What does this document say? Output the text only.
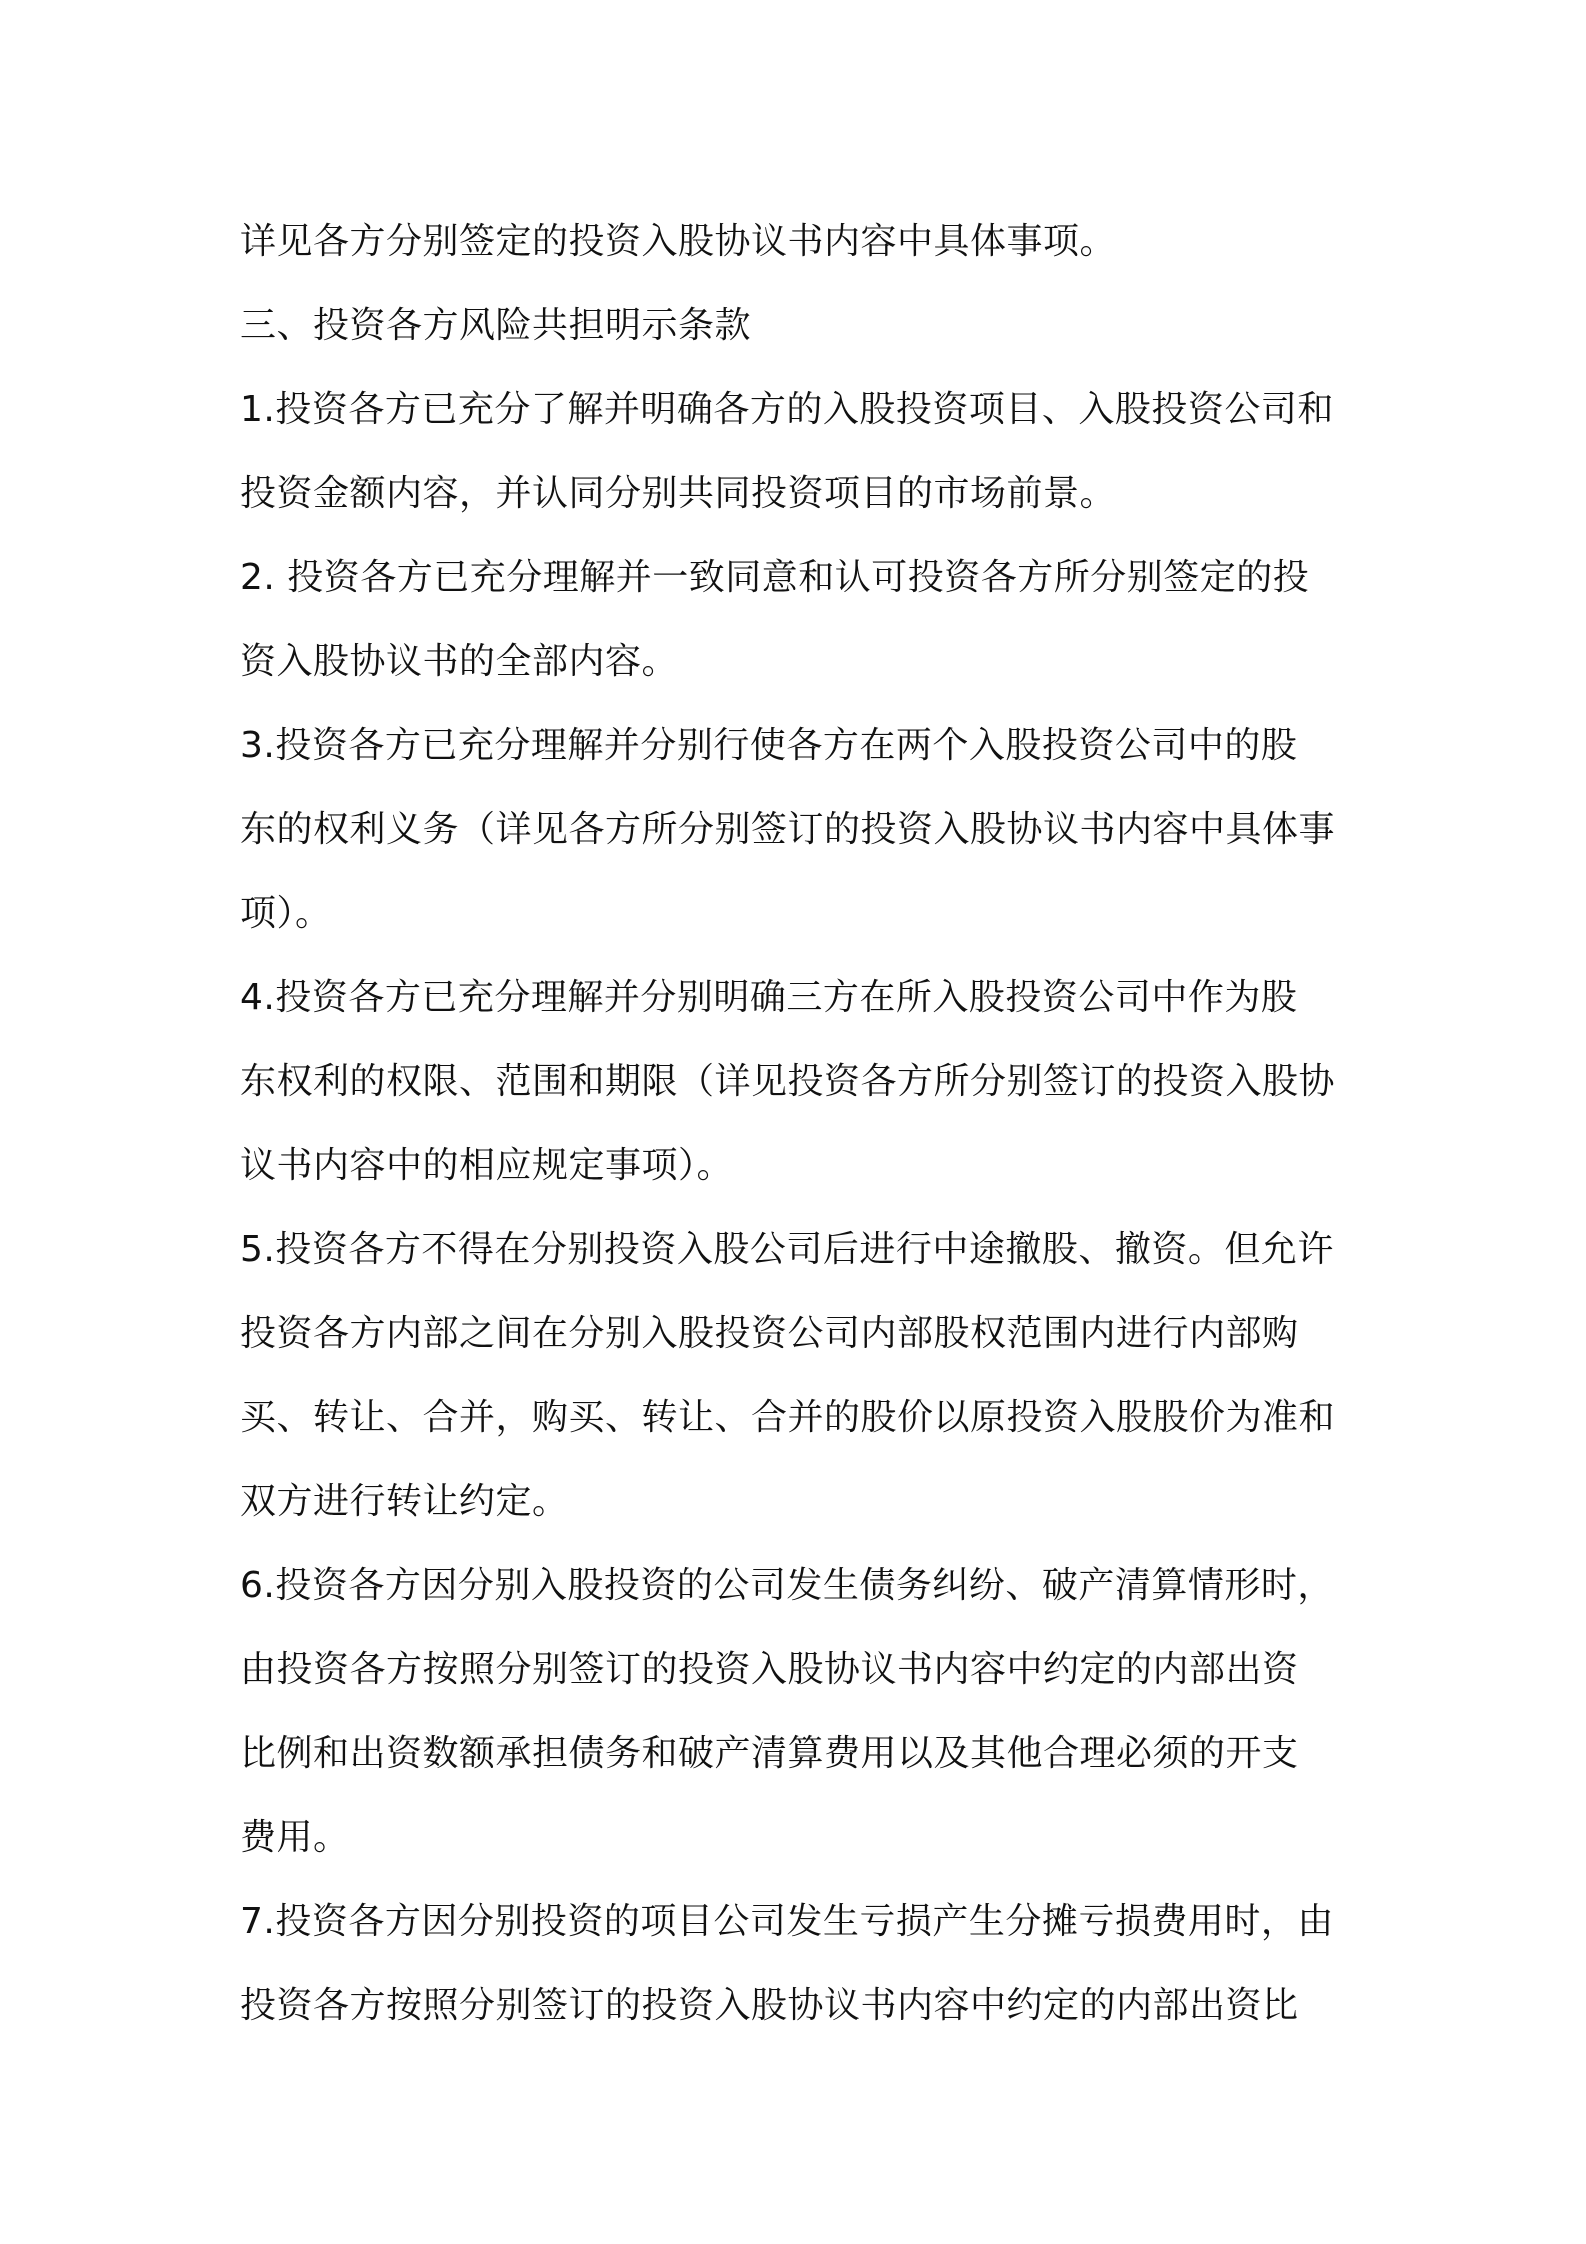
详见各方分别签定的投资入股协议书内容中具体事项。
三、投资各方风险共担明示条款
1.投资各方已充分了解并明确各方的入股投资项目、入股投资公司和
投资金额内容，并认同分别共同投资项目的市场前景。
2. 投资各方已充分理解并一致同意和认可投资各方所分别签定的投
资入股协议书的全部内容。
3.投资各方已充分理解并分别行使各方在两个入股投资公司中的股
东的权利义务（详见各方所分别签订的投资入股协议书内容中具体事
项）。
4.投资各方已充分理解并分别明确三方在所入股投资公司中作为股
东权利的权限、范围和期限（详见投资各方所分别签订的投资入股协
议书内容中的相应规定事项）。
5.投资各方不得在分别投资入股公司后进行中途撤股、撤资。但允许
投资各方内部之间在分别入股投资公司内部股权范围内进行内部购
买、转让、合并，购买、转让、合并的股价以原投资入股股价为准和
双方进行转让约定。
6.投资各方因分别入股投资的公司发生债务纠纷、破产清算情形时，
由投资各方按照分别签订的投资入股协议书内容中约定的内部出资
比例和出资数额承担债务和破产清算费用以及其他合理必须的开支
费用。
7.投资各方因分别投资的项目公司发生亏损产生分摊亏损费用时，由
投资各方按照分别签订的投资入股协议书内容中约定的内部出资比
